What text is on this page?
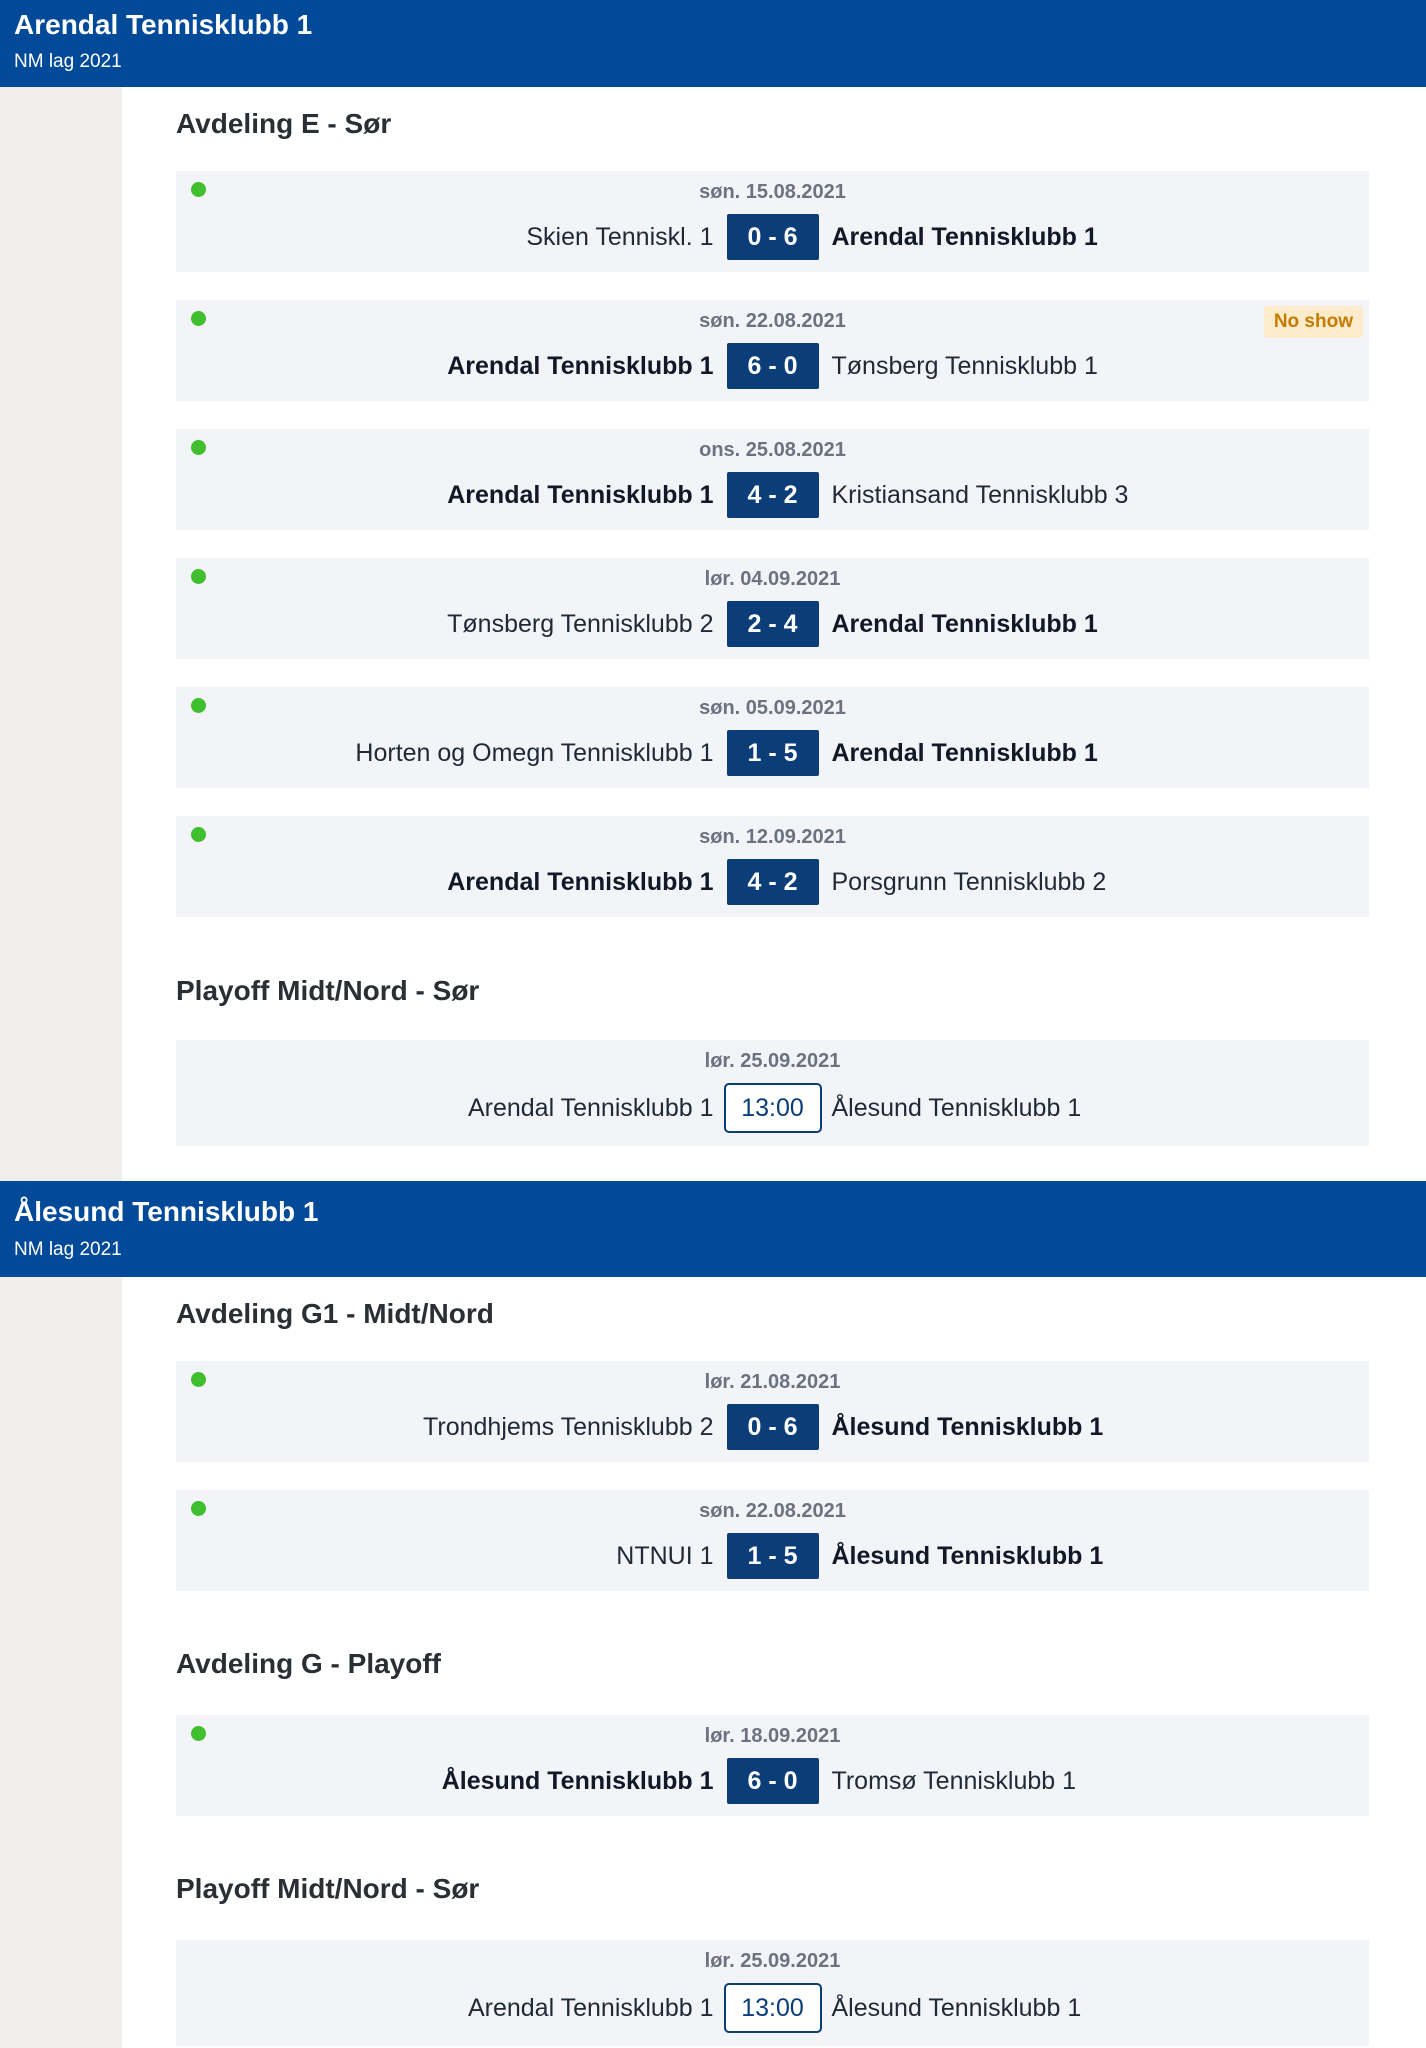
Arendal Tennisklubb 1
NM lag 2021
Avdeling E - Sør
søn. 15.08.2021
Skien Tenniskl. 1	0 - 6	Arendal Tennisklubb 1
søn. 22.08.2021	No show
Arendal Tennisklubb 1	6 - 0	Tønsberg Tennisklubb 1
ons. 25.08.2021
Arendal Tennisklubb 1	4 - 2	Kristiansand Tennisklubb 3
lør. 04.09.2021
Tønsberg Tennisklubb 2	2 - 4	Arendal Tennisklubb 1
søn. 05.09.2021
Horten og Omegn Tennisklubb 1	1 - 5	Arendal Tennisklubb 1
søn. 12.09.2021
Arendal Tennisklubb 1	4 - 2	Porsgrunn Tennisklubb 2
Playoff Midt/Nord - Sør
lør. 25.09.2021
Arendal Tennisklubb 1	13:00	Ålesund Tennisklubb 1
Ålesund Tennisklubb 1
NM lag 2021
Avdeling G1 - Midt/Nord
lør. 21.08.2021
Trondhjems Tennisklubb 2	0 - 6	Ålesund Tennisklubb 1
søn. 22.08.2021
NTNUI 1	1 - 5	Ålesund Tennisklubb 1
Avdeling G - Playoff
lør. 18.09.2021
Ålesund Tennisklubb 1	6 - 0	Tromsø Tennisklubb 1
Playoff Midt/Nord - Sør
lør. 25.09.2021
Arendal Tennisklubb 1	13:00	Ålesund Tennisklubb 1
